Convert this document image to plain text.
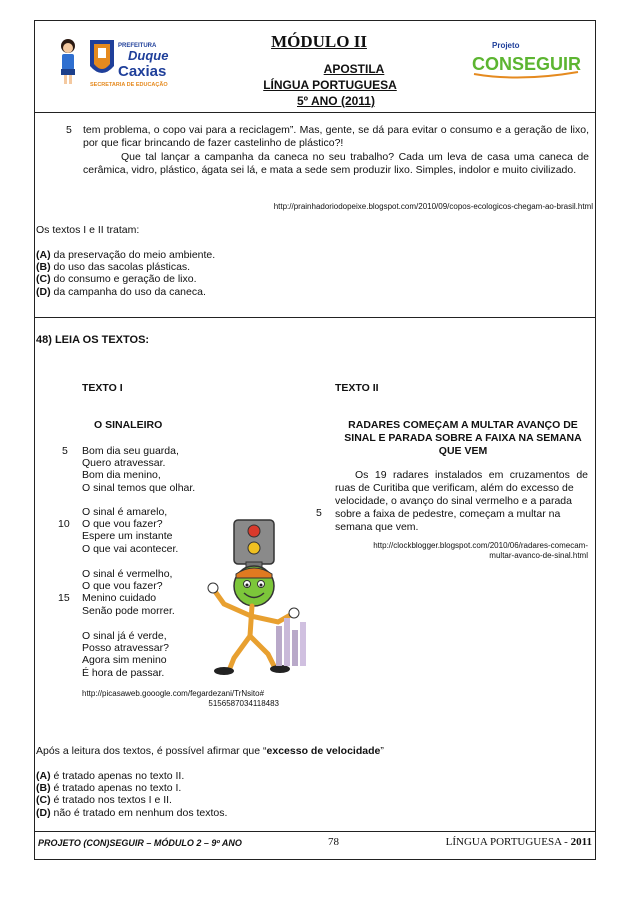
PREFEITURA
Duque
Caxias
SECRETARIA DE EDUCAÇÃO
MÓDULO II
APOSTILA
LÍNGUA PORTUGUESA
5º ANO (2011)
Projeto
CONSEGUIR
5 tem problema, o copo vai para a reciclagem”. Mas, gente, se dá para evitar o consumo e a geração de lixo, por que ficar brincando de fazer castelinho de plástico?!
Que tal lançar a campanha da caneca no seu trabalho? Cada um leva de casa uma caneca de cerâmica, vidro, plástico, ágata sei lá, e mata a sede sem produzir lixo. Simples, indolor e muito civilizado.
http://prainhadoriodopeixe.blogspot.com/2010/09/copos-ecologicos-chegam-ao-brasil.html
Os textos I e II tratam:
(A) da preservação do meio ambiente.
(B) do uso das sacolas plásticas.
(C) do consumo e geração de lixo.
(D) da campanha do uso da caneca.
48) LEIA OS TEXTOS:
TEXTO I	TEXTO II
O SINALEIRO
5
10
15
Bom dia seu guarda,
Quero atravessar.
Bom dia menino,
O sinal temos que olhar.
O sinal é amarelo,
O que vou fazer?
Espere um instante
O que vai acontecer.
O sinal é vermelho,
O que vou fazer?
Menino cuidado
Senão pode morrer.
O sinal já é verde,
Posso atravessar?
Agora sim menino
É hora de passar.
http://picasaweb.gooogle.com/fegardezani/TrNsito#
5156587034118483
RADARES COMEÇAM A MULTAR AVANÇO DE
SINAL E PARADA SOBRE A FAIXA NA SEMANA
QUE VEM
5
Os 19 radares instalados em cruzamentos de
ruas de Curitiba que verificam, além do excesso de
velocidade, o avanço do sinal vermelho e a parada
sobre a faixa de pedestre, começam a multar na
semana que vem.
http://clockblogger.blogspot.com/2010/06/radares-comecam-
multar-avanco-de-sinal.html
Após a leitura dos textos, é possível afirmar que “excesso de velocidade”
(A) é tratado apenas no texto II.
(B) é tratado apenas no texto I.
(C) é tratado nos textos I e II.
(D) não é tratado em nenhum dos textos.
PROJETO (CON)SEGUIR – MÓDULO 2 – 9º ANO	78	LÍNGUA PORTUGUESA - 2011
